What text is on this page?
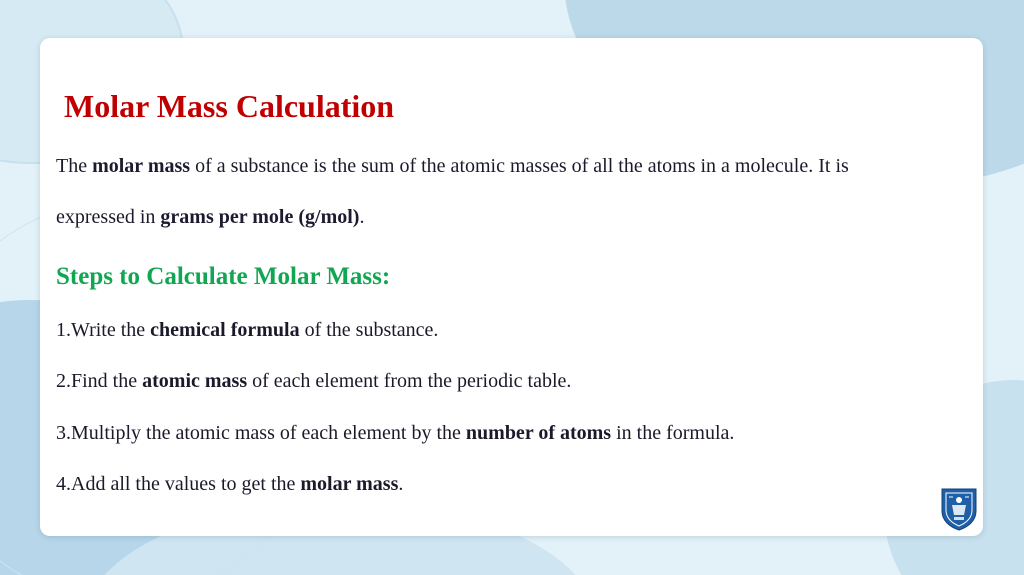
Molar Mass Calculation

The molar mass of a substance is the sum of the atomic masses of all the atoms in a molecule. It is

expressed in grams per mole (g/mol).

Steps to Calculate Molar Mass:

1.Write the chemical formula of the substance.

2.Find the atomic mass of each element from the periodic table.

3.Multiply the atomic mass of each element by the number of atoms in the formula.

4.Add all the values to get the molar mass.
